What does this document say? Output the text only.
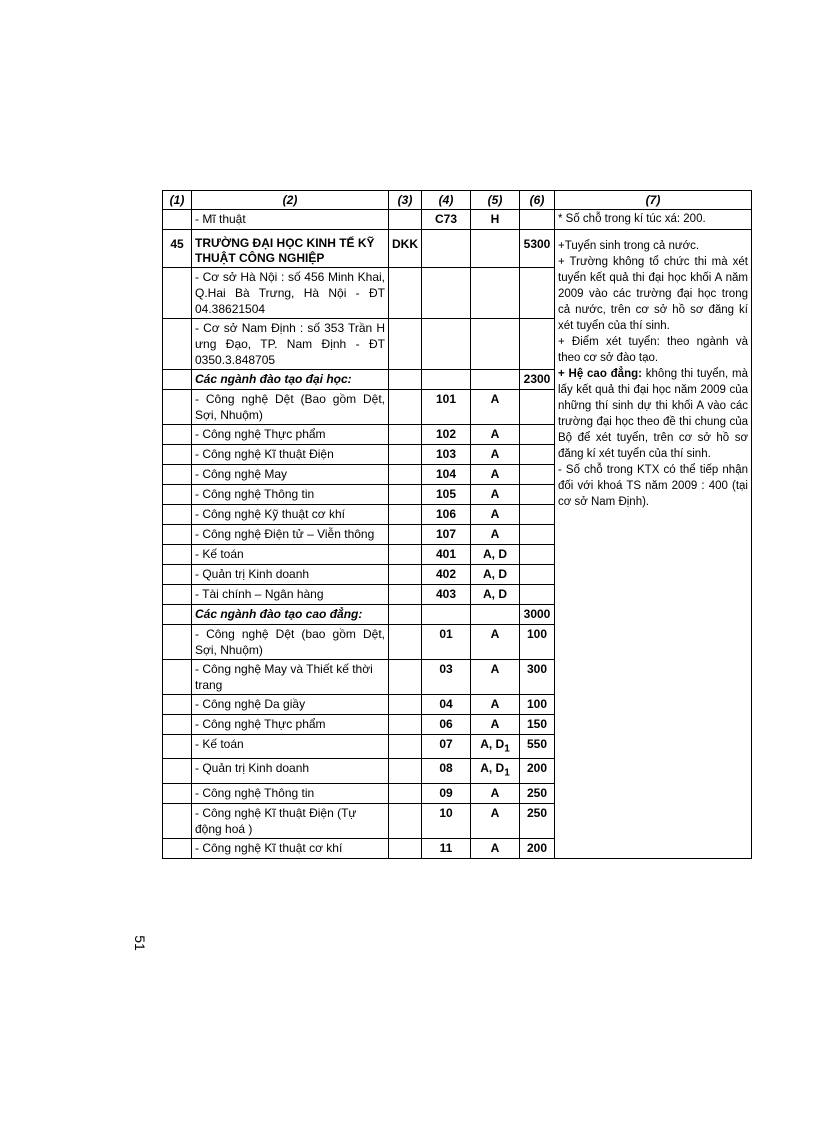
(1)	(2)	(3)	(4)	(5)	(6)	(7)
	- Mĩ thuật		C73	H		* Số chỗ trong kí túc xá: 200.
45	TRƯỜNG ĐẠI HỌC KINH TẾ KỸ THUẬT CÔNG NGHIỆP	DKK			5300	+Tuyển sinh trong cả nước.
+ Trường không tổ chức thi mà xét tuyển kết quả thi đại học khối A năm 2009 vào các trường đại học trong cả nước, trên cơ sở hồ sơ đăng kí xét tuyển của thí sinh.
+ Điểm xét tuyển: theo ngành và theo cơ sở đào tạo.
+ Hệ cao đẳng: không thi tuyển, mà lấy kết quả thi đại học năm 2009 của những thí sinh dự thi khối A vào các trường đại học theo đề thi chung của Bộ để xét tuyển, trên cơ sở hồ sơ đăng kí xét tuyển của thí sinh.
- Số chỗ trong KTX có thể tiếp nhận đối với khoá TS năm 2009 : 400 (tại cơ sở Nam Định).

	- Cơ sở Hà Nội : số 456 Minh Khai, Q.Hai Bà Trưng, Hà Nội - ĐT 04.38621504					
	- Cơ sở Nam Định : số 353 Trần H ưng Đạo, TP. Nam Định - ĐT 0350.3.848705					
	Các ngành đào tạo đại học:				2300	
	- Công nghệ Dệt (Bao gồm Dệt, Sợi, Nhuộm)		101	A		
	- Công nghệ Thực phẩm		102	A		
	- Công nghệ Kĩ thuật Điện		103	A		
	- Công nghệ May		104	A		
	- Công nghệ Thông tin		105	A		
	- Công nghệ Kỹ thuật cơ khí		106	A		
	- Công nghệ Điện tử – Viễn thông		107	A		
	- Kế toán		401	A, D		
	- Quản trị Kinh doanh		402	A, D		
	- Tài chính – Ngân hàng		403	A, D		
	Các ngành đào tạo cao đẳng:				3000	
	- Công nghệ Dệt (bao gồm Dệt, Sợi, Nhuộm)		01	A	100	
	- Công nghệ May và Thiết kế thời trang		03	A	300	
	- Công nghệ Da giầy		04	A	100	
	- Công nghệ Thực phẩm		06	A	150	
	- Kế toán		07	A, $D_1$	550	
	- Quản trị Kinh doanh		08	A, $D_1$	200	
	- Công nghệ Thông tin		09	A	250	
	- Công nghệ Kĩ thuật Điện (Tự động hoá )		10	A	250	
	- Công nghệ Kĩ thuật cơ khí		11	A	200	
51
